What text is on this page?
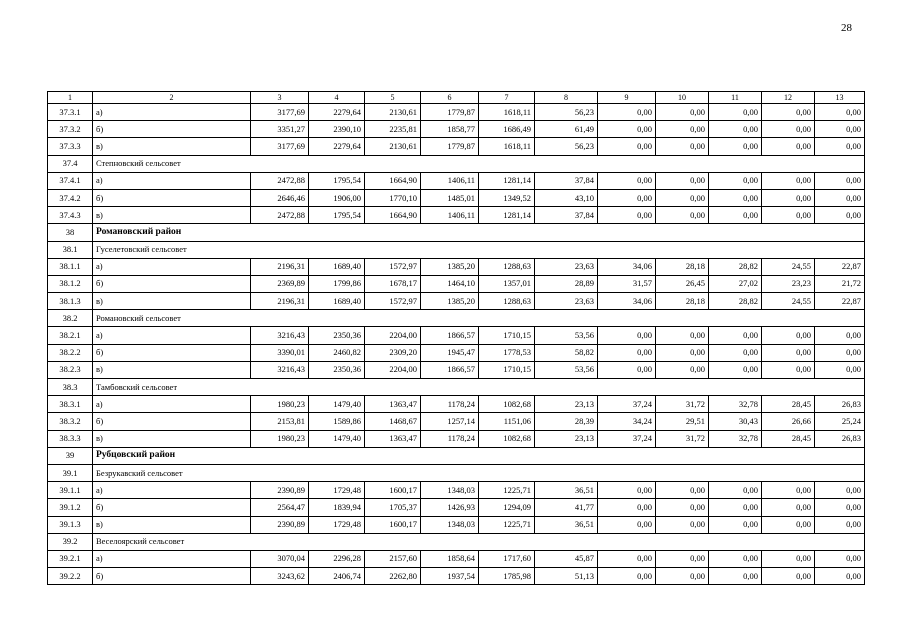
28
1	2	3	4	5	6	7	8	9	10	11	12	13
37.3.1	а)	3177,69	2279,64	2130,61	1779,87	1618,11	56,23	0,00	0,00	0,00	0,00	0,00
37.3.2	б)	3351,27	2390,10	2235,81	1858,77	1686,49	61,49	0,00	0,00	0,00	0,00	0,00
37.3.3	в)	3177,69	2279,64	2130,61	1779,87	1618,11	56,23	0,00	0,00	0,00	0,00	0,00
37.4	Степновский сельсовет											
37.4.1	а)	2472,88	1795,54	1664,90	1406,11	1281,14	37,84	0,00	0,00	0,00	0,00	0,00
37.4.2	б)	2646,46	1906,00	1770,10	1485,01	1349,52	43,10	0,00	0,00	0,00	0,00	0,00
37.4.3	в)	2472,88	1795,54	1664,90	1406,11	1281,14	37,84	0,00	0,00	0,00	0,00	0,00
38	Романовский район											
38.1	Гуселетовский сельсовет											
38.1.1	а)	2196,31	1689,40	1572,97	1385,20	1288,63	23,63	34,06	28,18	28,82	24,55	22,87
38.1.2	б)	2369,89	1799,86	1678,17	1464,10	1357,01	28,89	31,57	26,45	27,02	23,23	21,72
38.1.3	в)	2196,31	1689,40	1572,97	1385,20	1288,63	23,63	34,06	28,18	28,82	24,55	22,87
38.2	Романовский сельсовет											
38.2.1	а)	3216,43	2350,36	2204,00	1866,57	1710,15	53,56	0,00	0,00	0,00	0,00	0,00
38.2.2	б)	3390,01	2460,82	2309,20	1945,47	1778,53	58,82	0,00	0,00	0,00	0,00	0,00
38.2.3	в)	3216,43	2350,36	2204,00	1866,57	1710,15	53,56	0,00	0,00	0,00	0,00	0,00
38.3	Тамбовский сельсовет											
38.3.1	а)	1980,23	1479,40	1363,47	1178,24	1082,68	23,13	37,24	31,72	32,78	28,45	26,83
38.3.2	б)	2153,81	1589,86	1468,67	1257,14	1151,06	28,39	34,24	29,51	30,43	26,66	25,24
38.3.3	в)	1980,23	1479,40	1363,47	1178,24	1082,68	23,13	37,24	31,72	32,78	28,45	26,83
39	Рубцовский район											
39.1	Безрукавский сельсовет											
39.1.1	а)	2390,89	1729,48	1600,17	1348,03	1225,71	36,51	0,00	0,00	0,00	0,00	0,00
39.1.2	б)	2564,47	1839,94	1705,37	1426,93	1294,09	41,77	0,00	0,00	0,00	0,00	0,00
39.1.3	в)	2390,89	1729,48	1600,17	1348,03	1225,71	36,51	0,00	0,00	0,00	0,00	0,00
39.2	Веселоярский сельсовет											
39.2.1	а)	3070,04	2296,28	2157,60	1858,64	1717,60	45,87	0,00	0,00	0,00	0,00	0,00
39.2.2	б)	3243,62	2406,74	2262,80	1937,54	1785,98	51,13	0,00	0,00	0,00	0,00	0,00
